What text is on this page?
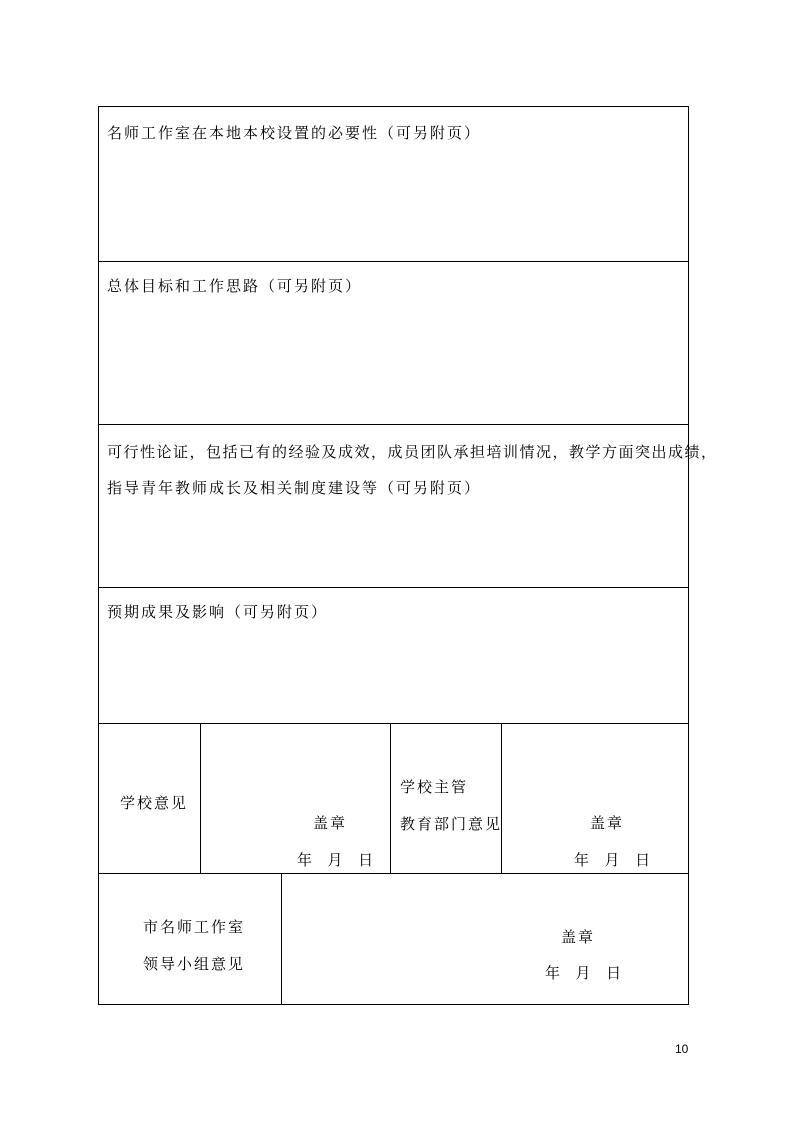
名师工作室在本地本校设置的必要性（可另附页）
总体目标和工作思路（可另附页）
可行性论证，包括已有的经验及成效，成员团队承担培训情况，教学方面突出成绩，
指导青年教师成长及相关制度建设等（可另附页）
预期成果及影响（可另附页）
学校意见
盖章
年  月  日
学校主管
教育部门意见	盖章
年  月  日
市名师工作室
领导小组意见
盖章
年  月  日
10
